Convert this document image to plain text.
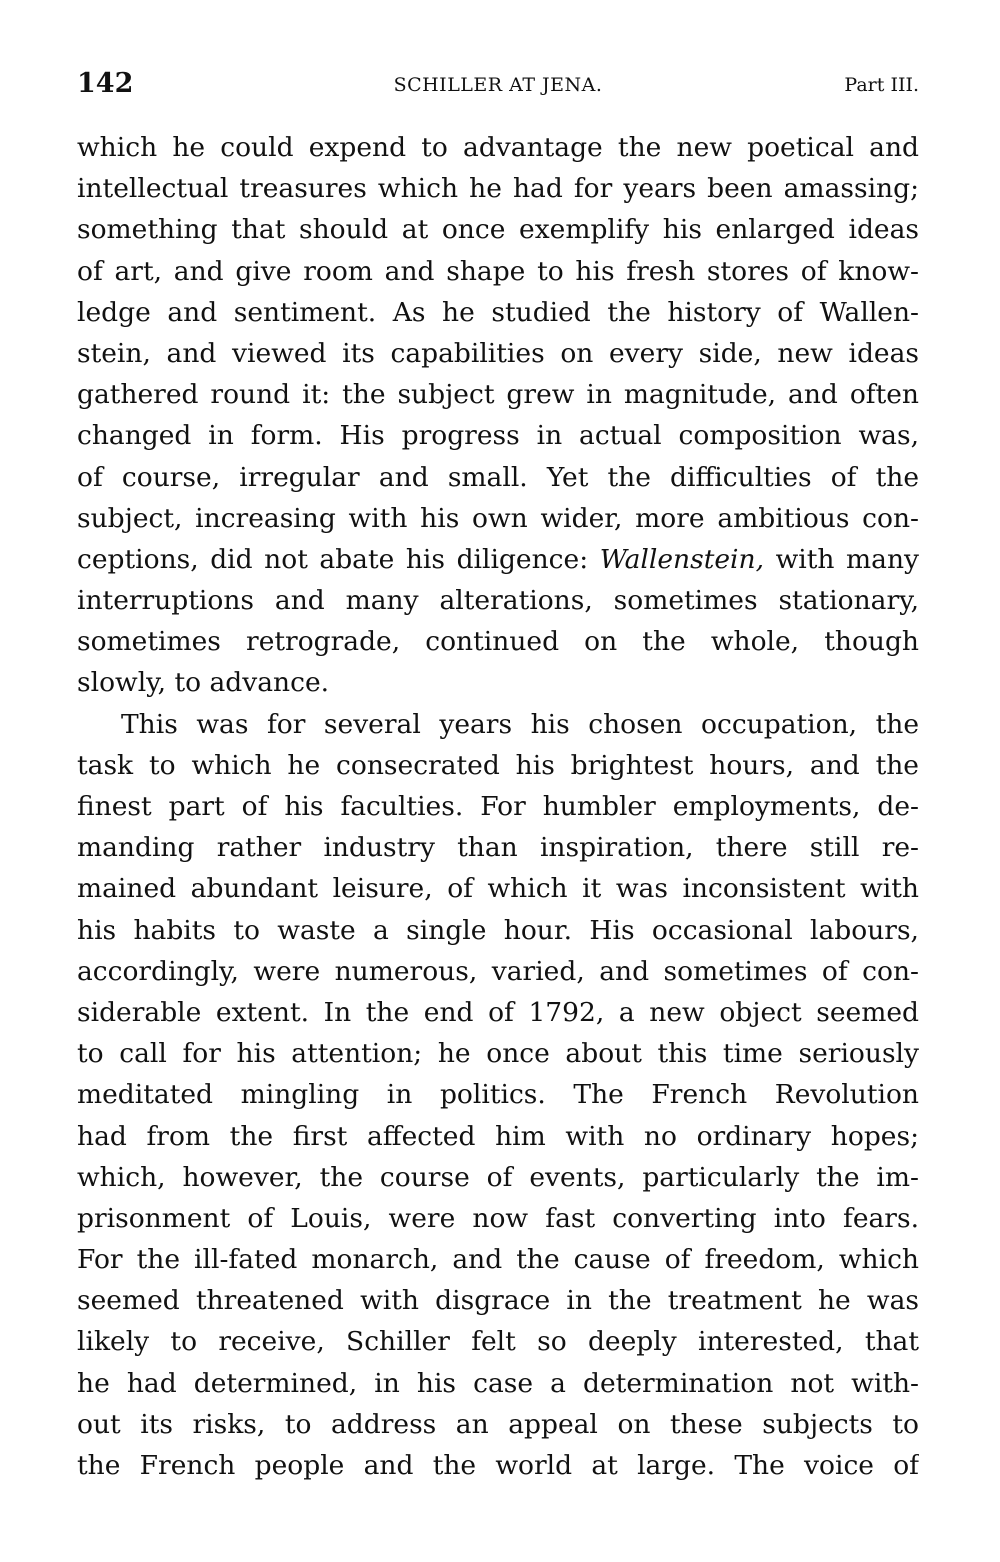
142	SCHILLER AT JENA.	Part III.
which he could expend to advantage the new poetical and
intellectual treasures which he had for years been amassing;
something that should at once exemplify his enlarged ideas
of art, and give room and shape to his fresh stores of know-
ledge and sentiment. As he studied the history of Wallen-
stein, and viewed its capabilities on every side, new ideas
gathered round it: the subject grew in magnitude, and often
changed in form. His progress in actual composition was,
of course, irregular and small. Yet the difficulties of the
subject, increasing with his own wider, more ambitious con-
ceptions, did not abate his diligence: Wallenstein, with many
interruptions and many alterations, sometimes stationary,
sometimes retrograde, continued on the whole, though
slowly, to advance.
This was for several years his chosen occupation, the
task to which he consecrated his brightest hours, and the
finest part of his faculties. For humbler employments, de-
manding rather industry than inspiration, there still re-
mained abundant leisure, of which it was inconsistent with
his habits to waste a single hour. His occasional labours,
accordingly, were numerous, varied, and sometimes of con-
siderable extent. In the end of 1792, a new object seemed
to call for his attention; he once about this time seriously
meditated mingling in politics. The French Revolution
had from the first affected him with no ordinary hopes;
which, however, the course of events, particularly the im-
prisonment of Louis, were now fast converting into fears.
For the ill-fated monarch, and the cause of freedom, which
seemed threatened with disgrace in the treatment he was
likely to receive, Schiller felt so deeply interested, that
he had determined, in his case a determination not with-
out its risks, to address an appeal on these subjects to
the French people and the world at large. The voice of
